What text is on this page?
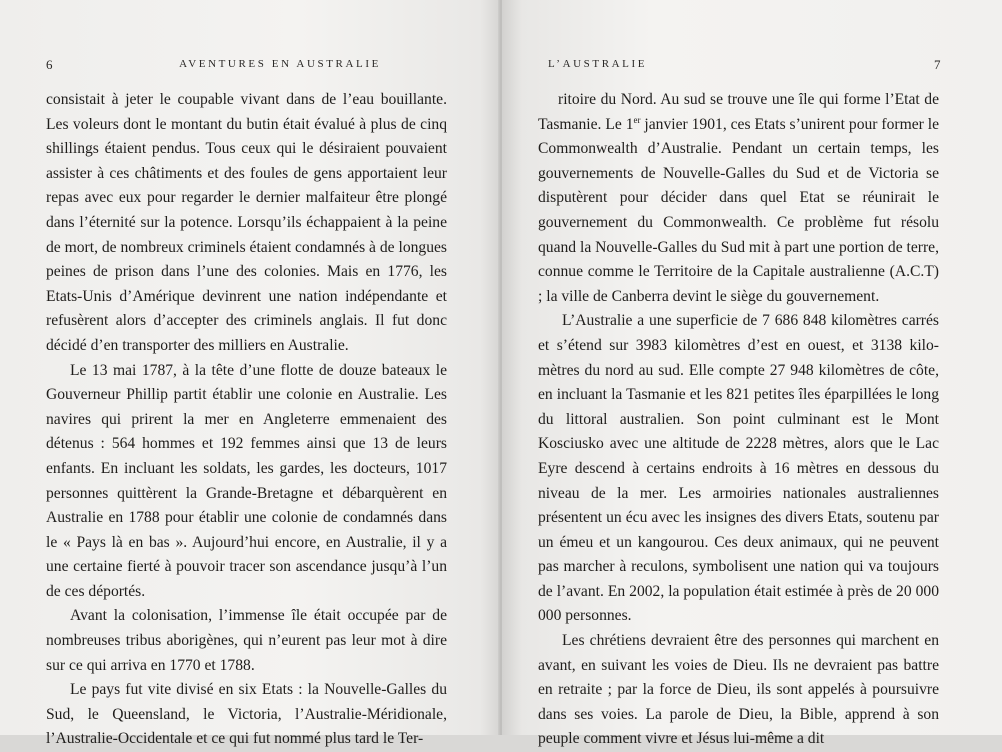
6	AVENTURES EN AUSTRALIE

consistait à jeter le coupable vivant dans de l’eau bouillante. Les voleurs dont le montant du butin était évalué à plus de cinq shillings étaient pendus. Tous ceux qui le désiraient pouvaient assister à ces châtiments et des foules de gens apportaient leur repas avec eux pour regarder le dernier malfaiteur être plongé dans l’éternité sur la potence. Lorsqu’ils échappaient à la peine de mort, de nombreux criminels étaient condamnés à de longues peines de prison dans l’une des colonies. Mais en 1776, les Etats-Unis d’Amérique devinrent une nation indépendante et refusèrent alors d’accepter des criminels anglais. Il fut donc décidé d’en transporter des milliers en Australie.

Le 13 mai 1787, à la tête d’une flotte de douze bateaux le Gouverneur Phillip partit établir une colonie en Australie. Les navires qui prirent la mer en Angleterre emmenaient des détenus : 564 hommes et 192 femmes ainsi que 13 de leurs enfants. En incluant les soldats, les gardes, les docteurs, 1017 personnes quittèrent la Grande-Bretagne et débarquèrent en Australie en 1788 pour établir une colonie de condamnés dans le « Pays là en bas ». Aujourd’hui encore, en Australie, il y a une certaine fierté à pouvoir tracer son ascendance jusqu’à l’un de ces déportés.

Avant la colonisation, l’immense île était occupée par de nombreuses tribus aborigènes, qui n’eurent pas leur mot à dire sur ce qui arriva en 1770 et 1788.

Le pays fut vite divisé en six Etats : la Nouvelle-Galles du Sud, le Queensland, le Victoria, l’Australie-Méridionale, l’Australie-Occidentale et ce qui fut nommé plus tard le Ter-

L’AUSTRALIE	7

ritoire du Nord. Au sud se trouve une île qui forme l’Etat de Tasmanie. Le 1er janvier 1901, ces Etats s’unirent pour former le Commonwealth d’Australie. Pendant un certain temps, les gouvernements de Nouvelle-Galles du Sud et de Victoria se disputèrent pour décider dans quel Etat se réunirait le gouvernement du Commonwealth. Ce problème fut résolu quand la Nouvelle-Galles du Sud mit à part une portion de terre, connue comme le Territoire de la Capitale australienne (A.C.T) ; la ville de Canberra devint le siège du gouvernement.

L’Australie a une superficie de 7 686 848 kilomètres carrés et s’étend sur 3983 kilomètres d’est en ouest, et 3138 kilomètres du nord au sud. Elle compte 27 948 kilomètres de côte, en incluant la Tasmanie et les 821 petites îles éparpillées le long du littoral australien. Son point culminant est le Mont Kosciusko avec une altitude de 2228 mètres, alors que le Lac Eyre descend à certains endroits à 16 mètres en dessous du niveau de la mer. Les armoiries nationales australiennes présentent un écu avec les insignes des divers Etats, soutenu par un émeu et un kangourou. Ces deux animaux, qui ne peuvent pas marcher à reculons, symbolisent une nation qui va toujours de l’avant. En 2002, la population était estimée à près de 20 000 000 personnes.

Les chrétiens devraient être des personnes qui marchent en avant, en suivant les voies de Dieu. Ils ne devraient pas battre en retraite ; par la force de Dieu, ils sont appelés à poursuivre dans ses voies. La parole de Dieu, la Bible, apprend à son peuple comment vivre et Jésus lui-même a dit
